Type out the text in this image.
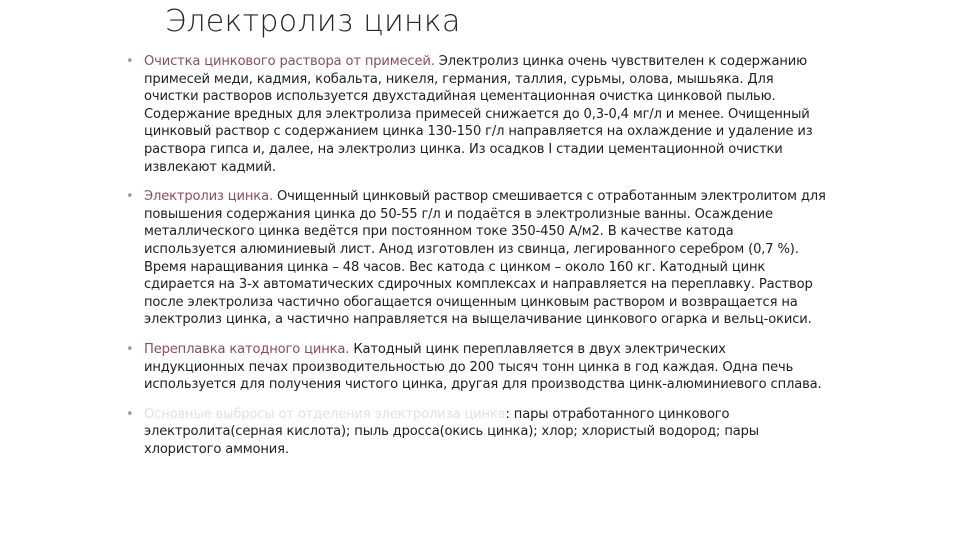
Электролиз цинка
• Очистка цинкового раствора от примесей. Электролиз цинка очень чувствителен к содержанию примесей меди, кадмия, кобальта, никеля, германия, таллия, сурьмы, олова, мышьяка. Для очистки растворов используется двухстадийная цементационная очистка цинковой пылью. Содержание вредных для электролиза примесей снижается до 0,3-0,4 мг/л и менее. Очищенный цинковый раствор с содержанием цинка 130-150 г/л направляется на охлаждение и удаление из раствора гипса и, далее, на электролиз цинка. Из осадков I стадии цементационной очистки извлекают кадмий.
• Электролиз цинка. Очищенный цинковый раствор смешивается с отработанным электролитом для повышения содержания цинка до 50-55 г/л и подаётся в электролизные ванны. Осаждение металлического цинка ведётся при постоянном токе 350-450 А/м2. В качестве катода используется алюминиевый лист. Анод изготовлен из свинца, легированного серебром (0,7 %). Время наращивания цинка – 48 часов. Вес катода с цинком – около 160 кг. Катодный цинк сдирается на 3-х автоматических сдирочных комплексах и направляется на переплавку. Раствор после электролиза частично обогащается очищенным цинковым раствором и возвращается на электролиз цинка, а частично направляется на выщелачивание цинкового огарка и вельц-окиси.
• Переплавка катодного цинка. Катодный цинк переплавляется в двух электрических индукционных печах производительностью до 200 тысяч тонн цинка в год каждая. Одна печь используется для получения чистого цинка, другая для производства цинк-алюминиевого сплава.
• Основные выбросы от отделения электролиза цинка: пары отработанного цинкового электролита(серная кислота); пыль дросса(окись цинка); хлор; хлористый водород; пары хлористого аммония.
